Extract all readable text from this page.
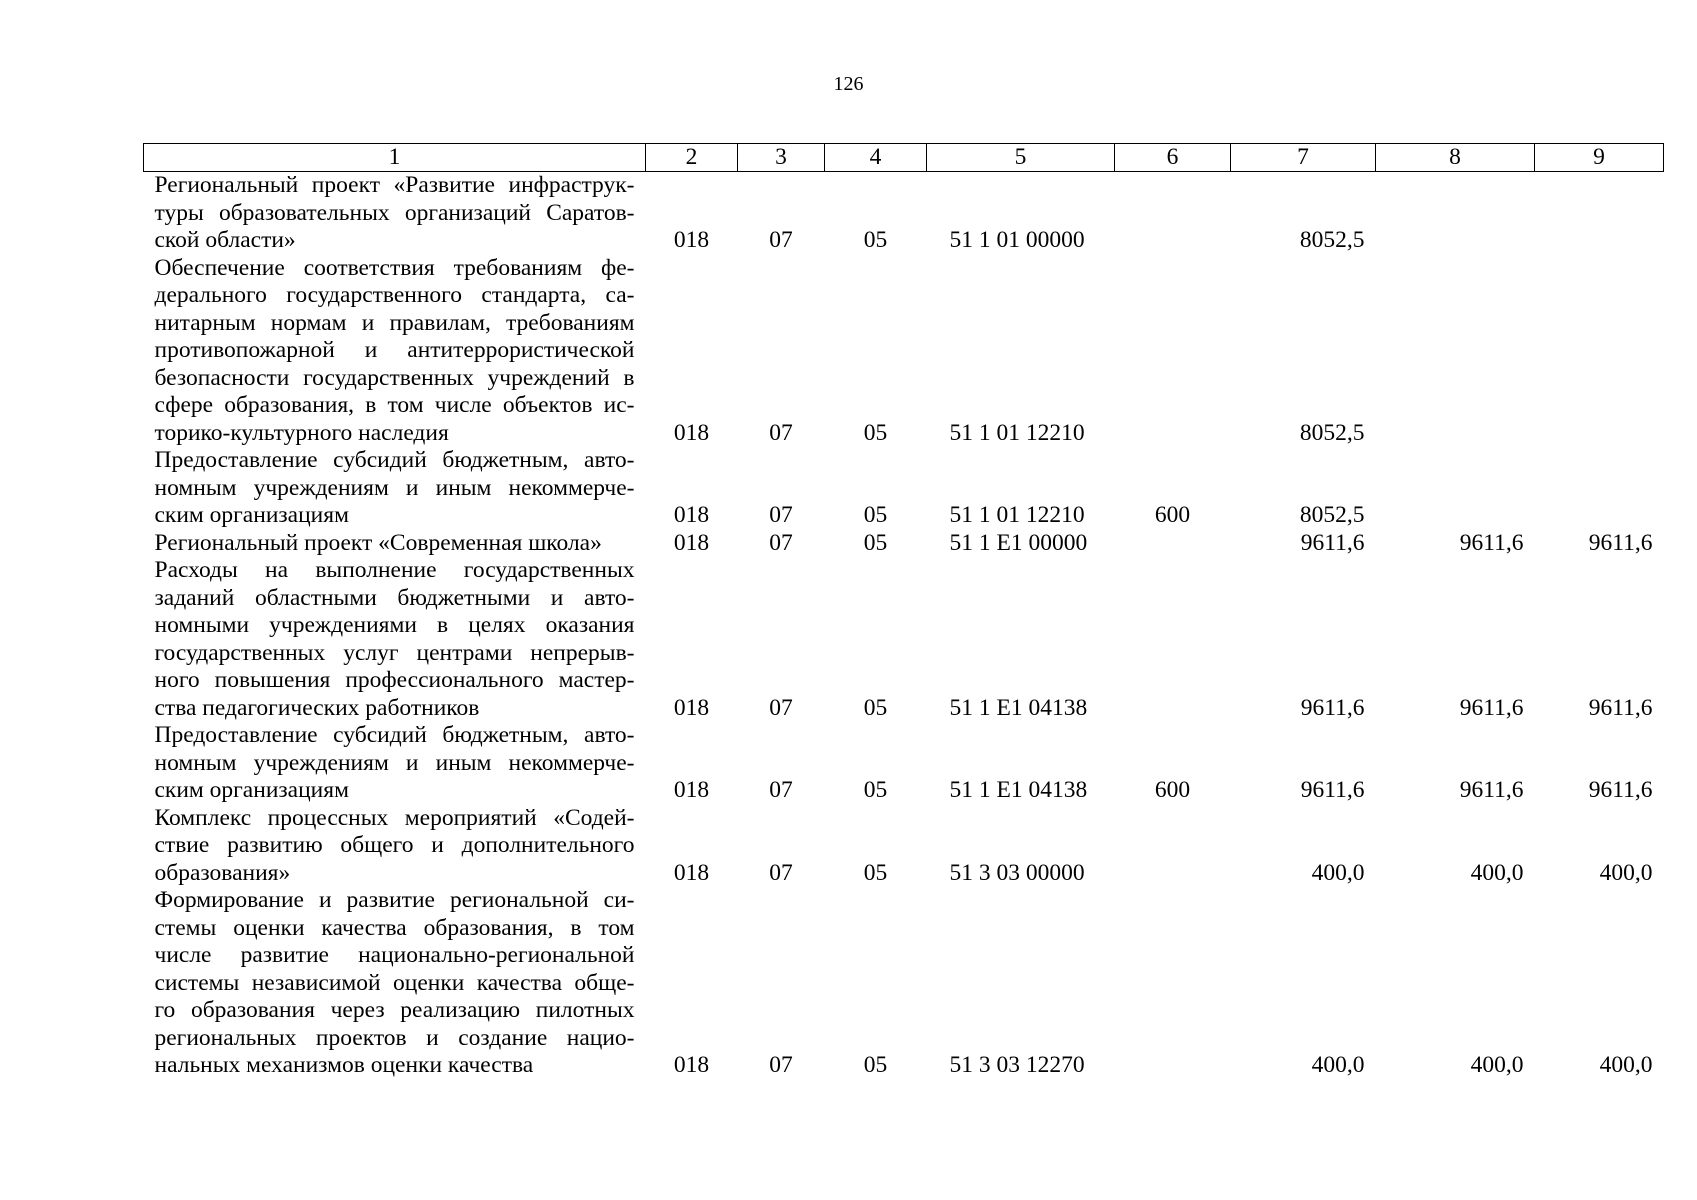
126
1	2	3	4	5	6	7	8	9
Региональный проект «Развитие инфраструк- туры образовательных организаций Саратов- ской области»	018	07	05	51 1 01 00000		8052,5		
Обеспечение соответствия требованиям фе- дерального государственного стандарта, са- нитарным нормам и правилам, требованиям противопожарной и антитеррористической безопасности государственных учреждений в сфере образования, в том числе объектов ис- торико-культурного наследия	018	07	05	51 1 01 12210		8052,5		
Предоставление субсидий бюджетным, авто- номным учреждениям и иным некоммерче- ским организациям	018	07	05	51 1 01 12210	600	8052,5		
Региональный проект «Современная школа»	018	07	05	51 1 E1 00000		9611,6	9611,6	9611,6
Расходы на выполнение государственных заданий областными бюджетными и авто- номными учреждениями в целях оказания государственных услуг центрами непрерыв- ного повышения профессионального мастер- ства педагогических работников	018	07	05	51 1 E1 04138		9611,6	9611,6	9611,6
Предоставление субсидий бюджетным, авто- номным учреждениям и иным некоммерче- ским организациям	018	07	05	51 1 E1 04138	600	9611,6	9611,6	9611,6
Комплекс процессных мероприятий «Содей- ствие развитию общего и дополнительного образования»	018	07	05	51 3 03 00000		400,0	400,0	400,0
Формирование и развитие региональной си- стемы оценки качества образования, в том числе развитие национально-региональной системы независимой оценки качества обще- го образования через реализацию пилотных региональных проектов и создание нацио- нальных механизмов оценки качества	018	07	05	51 3 03 12270		400,0	400,0	400,0
